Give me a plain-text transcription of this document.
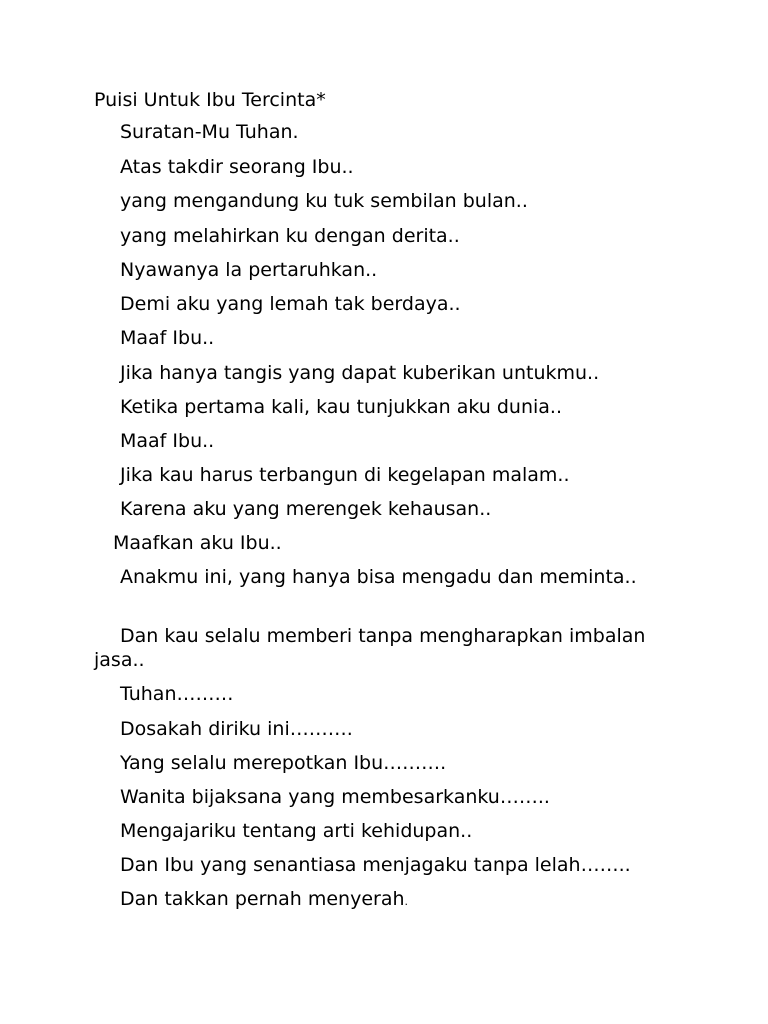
Puisi Untuk Ibu Tercinta*
Suratan-Mu Tuhan.
Atas takdir seorang Ibu..
yang mengandung ku tuk sembilan bulan..
yang melahirkan ku dengan derita..
Nyawanya la pertaruhkan..
Demi aku yang lemah tak berdaya..
Maaf Ibu..
Jika hanya tangis yang dapat kuberikan untukmu..
Ketika pertama kali, kau tunjukkan aku dunia..
Maaf Ibu..
Jika kau harus terbangun di kegelapan malam..
Karena aku yang merengek kehausan..
Maafkan aku Ibu..
Anakmu ini, yang hanya bisa mengadu dan meminta..
Dan kau selalu memberi tanpa mengharapkan imbalan jasa..
Tuhan………
Dosakah diriku ini……….
Yang selalu merepotkan Ibu……….
Wanita bijaksana yang membesarkanku……..
Mengajariku tentang arti kehidupan..
Dan Ibu yang senantiasa menjagaku tanpa lelah……..
Dan takkan pernah menyerah.
